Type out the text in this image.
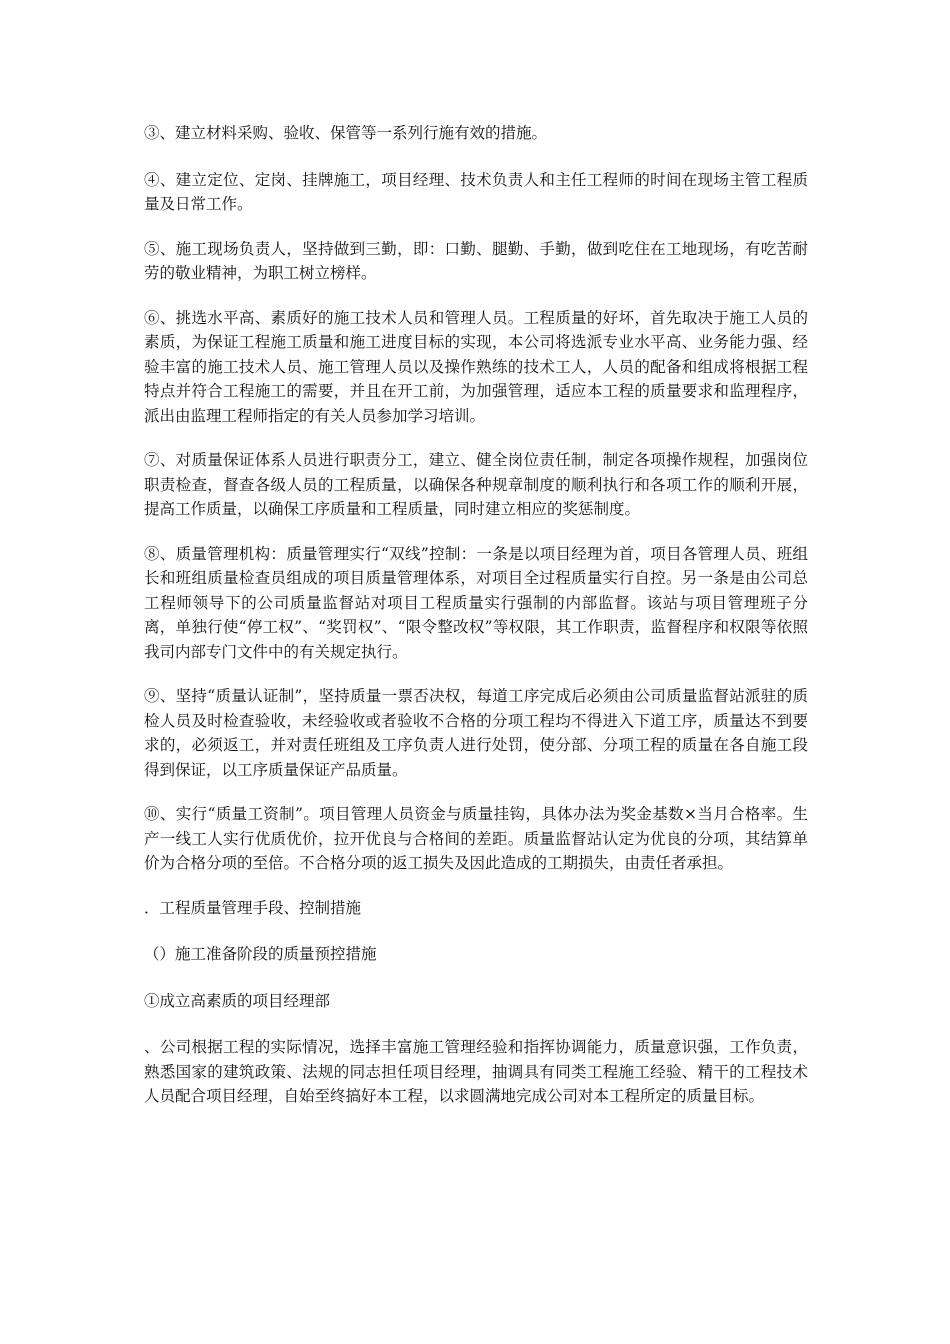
③、建立材料采购、验收、保管等一系列行施有效的措施。

④、建立定位、定岗、挂牌施工，项目经理、技术负责人和主任工程师的时间在现场主管工程质量及日常工作。

⑤、施工现场负责人，坚持做到三勤，即：口勤、腿勤、手勤，做到吃住在工地现场，有吃苦耐劳的敬业精神，为职工树立榜样。

⑥、挑选水平高、素质好的施工技术人员和管理人员。工程质量的好坏，首先取决于施工人员的素质，为保证工程施工质量和施工进度目标的实现，本公司将选派专业水平高、业务能力强、经验丰富的施工技术人员、施工管理人员以及操作熟练的技术工人，人员的配备和组成将根据工程特点并符合工程施工的需要，并且在开工前，为加强管理，适应本工程的质量要求和监理程序，派出由监理工程师指定的有关人员参加学习培训。

⑦、对质量保证体系人员进行职责分工，建立、健全岗位责任制，制定各项操作规程，加强岗位职责检查，督查各级人员的工程质量，以确保各种规章制度的顺利执行和各项工作的顺利开展，提高工作质量，以确保工序质量和工程质量，同时建立相应的奖惩制度。

⑧、质量管理机构：质量管理实行“双线”控制：一条是以项目经理为首，项目各管理人员、班组长和班组质量检查员组成的项目质量管理体系，对项目全过程质量实行自控。另一条是由公司总工程师领导下的公司质量监督站对项目工程质量实行强制的内部监督。该站与项目管理班子分离，单独行使“停工权”、“奖罚权”、“限令整改权”等权限，其工作职责，监督程序和权限等依照我司内部专门文件中的有关规定执行。

⑨、坚持“质量认证制”，坚持质量一票否决权，每道工序完成后必须由公司质量监督站派驻的质检人员及时检查验收，未经验收或者验收不合格的分项工程均不得进入下道工序，质量达不到要求的，必须返工，并对责任班组及工序负责人进行处罚，使分部、分项工程的质量在各自施工段得到保证，以工序质量保证产品质量。

⑩、实行“质量工资制”。项目管理人员资金与质量挂钩，具体办法为奖金基数×当月合格率。生产一线工人实行优质优价，拉开优良与合格间的差距。质量监督站认定为优良的分项，其结算单价为合格分项的至倍。不合格分项的返工损失及因此造成的工期损失，由责任者承担。

．工程质量管理手段、控制措施

（）施工准备阶段的质量预控措施

①成立高素质的项目经理部

、公司根据工程的实际情况，选择丰富施工管理经验和指挥协调能力，质量意识强，工作负责，熟悉国家的建筑政策、法规的同志担任项目经理，抽调具有同类工程施工经验、精干的工程技术人员配合项目经理，自始至终搞好本工程，以求圆满地完成公司对本工程所定的质量目标。
